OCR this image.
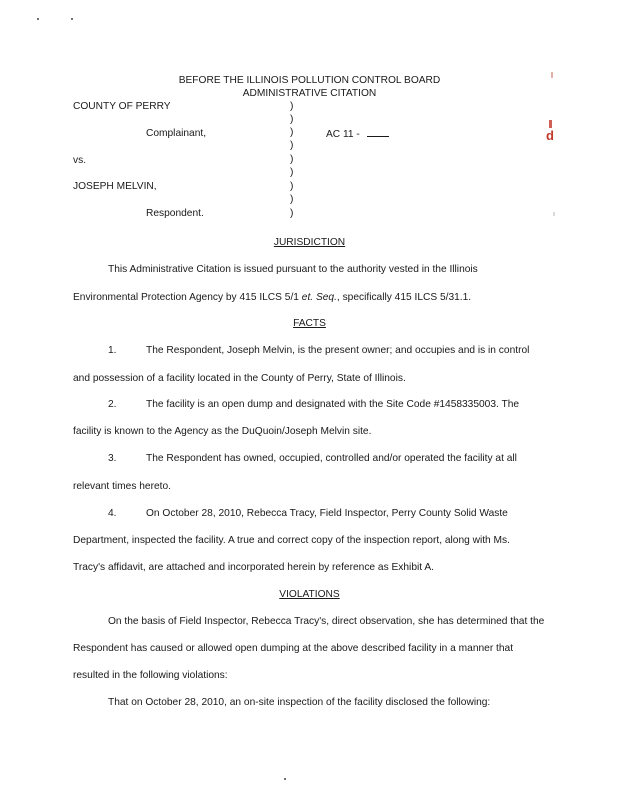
d
BEFORE THE ILLINOIS POLLUTION CONTROL BOARD
ADMINISTRATIVE CITATION
COUNTY OF PERRY
Complainant,	AC 11 -
vs.
JOSEPH MELVIN,
Respondent.
)
)
)
)
)
)
)
)
)
JURISDICTION
This Administrative Citation is issued pursuant to the authority vested in the Illinois
Environmental Protection Agency by 415 ILCS 5/1 et. Seq., specifically 415 ILCS 5/31.1.
FACTS
1.	The Respondent, Joseph Melvin, is the present owner; and occupies and is in control
and possession of a facility located in the County of Perry, State of Illinois.
2.	The facility is an open dump and designated with the Site Code #1458335003. The
facility is known to the Agency as the DuQuoin/Joseph Melvin site.
3.	The Respondent has owned, occupied, controlled and/or operated the facility at all
relevant times hereto.
4.	On October 28, 2010, Rebecca Tracy, Field Inspector, Perry County Solid Waste
Department, inspected the facility. A true and correct copy of the inspection report, along with Ms.
Tracy's affidavit, are attached and incorporated herein by reference as Exhibit A.
VIOLATIONS
On the basis of Field Inspector, Rebecca Tracy's, direct observation, she has determined that the
Respondent has caused or allowed open dumping at the above described facility in a manner that
resulted in the following violations:
That on October 28, 2010, an on-site inspection of the facility disclosed the following:
